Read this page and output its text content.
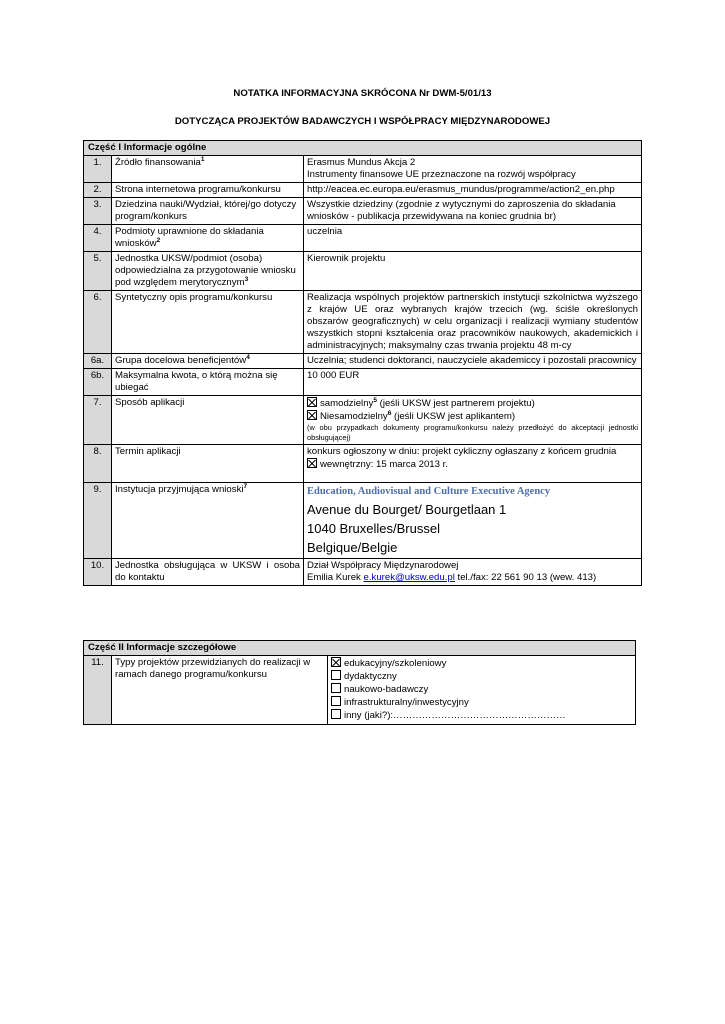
NOTATKA INFORMACYJNA SKRÓCONA Nr DWM-5/01/13
DOTYCZĄCA PROJEKTÓW BADAWCZYCH I WSPÓŁPRACY MIĘDZYNARODOWEJ
Część I Informacje ogólne		
1.	Źródło finansowania$^1$	Erasmus Mundus Akcja 2
Instrumenty finansowe UE przeznaczone na rozwój współpracy

2.	Strona internetowa programu/konkursu	http://eacea.ec.europa.eu/erasmus_mundus/programme/action2_en.php
3.	Dziedzina nauki/Wydział, której/go dotyczy program/konkurs	Wszystkie dziedziny (zgodnie z wytycznymi do zaproszenia do składania wniosków - publikacja przewidywana na koniec grudnia br)
4.	Podmioty uprawnione do składania wniosków$^2$	uczelnia
5.	Jednostka UKSW/podmiot (osoba) odpowiedzialna za przygotowanie wniosku pod względem merytorycznym$^3$	Kierownik projektu
6.	Syntetyczny opis programu/konkursu	Realizacja wspólnych projektów partnerskich instytucji szkolnictwa wyższego z krajów UE oraz wybranych krajów trzecich (wg. ściśle określonych obszarów geograficznych) w celu organizacji i realizacji wymiany studentów wszystkich stopni kształcenia oraz pracowników naukowych, akademickich i administracyjnych; maksymalny czas trwania projektu 48 m-cy
6a.	Grupa docelowa beneficjentów$^4$	Uczelnia; studenci doktoranci, nauczyciele akademiccy i pozostali pracownicy
6b.	Maksymalna kwota, o którą można się ubiegać	10 000 EUR
7.	Sposób aplikacji	samodzielny$^5$ (jeśli UKSW jest partnerem projektu)
Niesamodzielny$^6$ (jeśli UKSW jest aplikantem)
(w obu przypadkach dokumenty programu/konkursu należy przedłożyć do akceptacji jednostki obsługującej)

8.	Termin aplikacji	konkurs ogłoszony w dniu: projekt cykliczny ogłaszany z końcem grudnia
wewnętrzny: 15 marca 2013 r.

9.	Instytucja przyjmująca wnioski$^7$	Education, Audiovisual and Culture Executive Agency
Avenue du Bourget/ Bourgetlaan 1
1040 Bruxelles/Brussel
Belgique/Belgie

10.	Jednostka obsługująca w UKSW i osoba do kontaktu	Dział Współpracy Międzynarodowej
Emilia Kurek e.kurek@uksw.edu.pl tel./fax: 22 561 90 13 (wew. 413)
Część II Informacje szczegółowe
11.	Typy projektów przewidzianych do realizacji w ramach danego programu/konkursu	
edukacyjny/szkoleniowy
dydaktyczny
naukowo-badawczy
infrastrukturalny/inwestycyjny
inny (jaki?):………………………………………………
